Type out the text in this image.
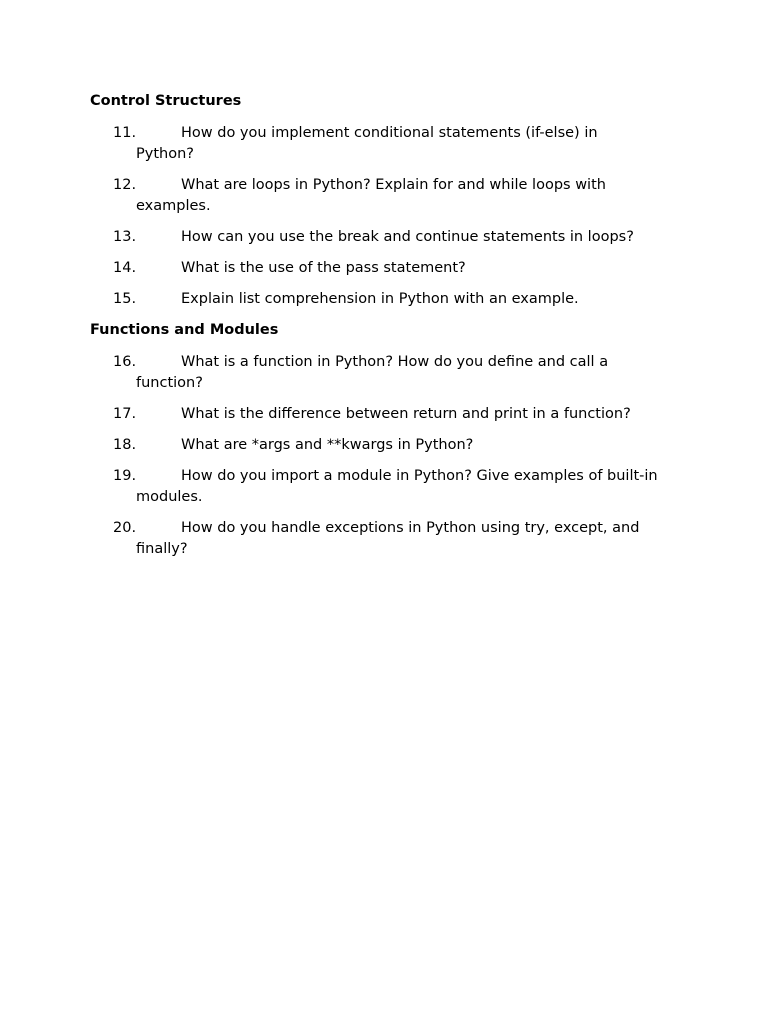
Control Structures
11.	How do you implement conditional statements (if-else) in
Python?
12.	What are loops in Python? Explain for and while loops with
examples.
13.	How can you use the break and continue statements in loops?
14.	What is the use of the pass statement?
15.	Explain list comprehension in Python with an example.
Functions and Modules
16.	What is a function in Python? How do you define and call a
function?
17.	What is the difference between return and print in a function?
18.	What are *args and **kwargs in Python?
19.	How do you import a module in Python? Give examples of built-in
modules.
20.	How do you handle exceptions in Python using try, except, and
finally?
